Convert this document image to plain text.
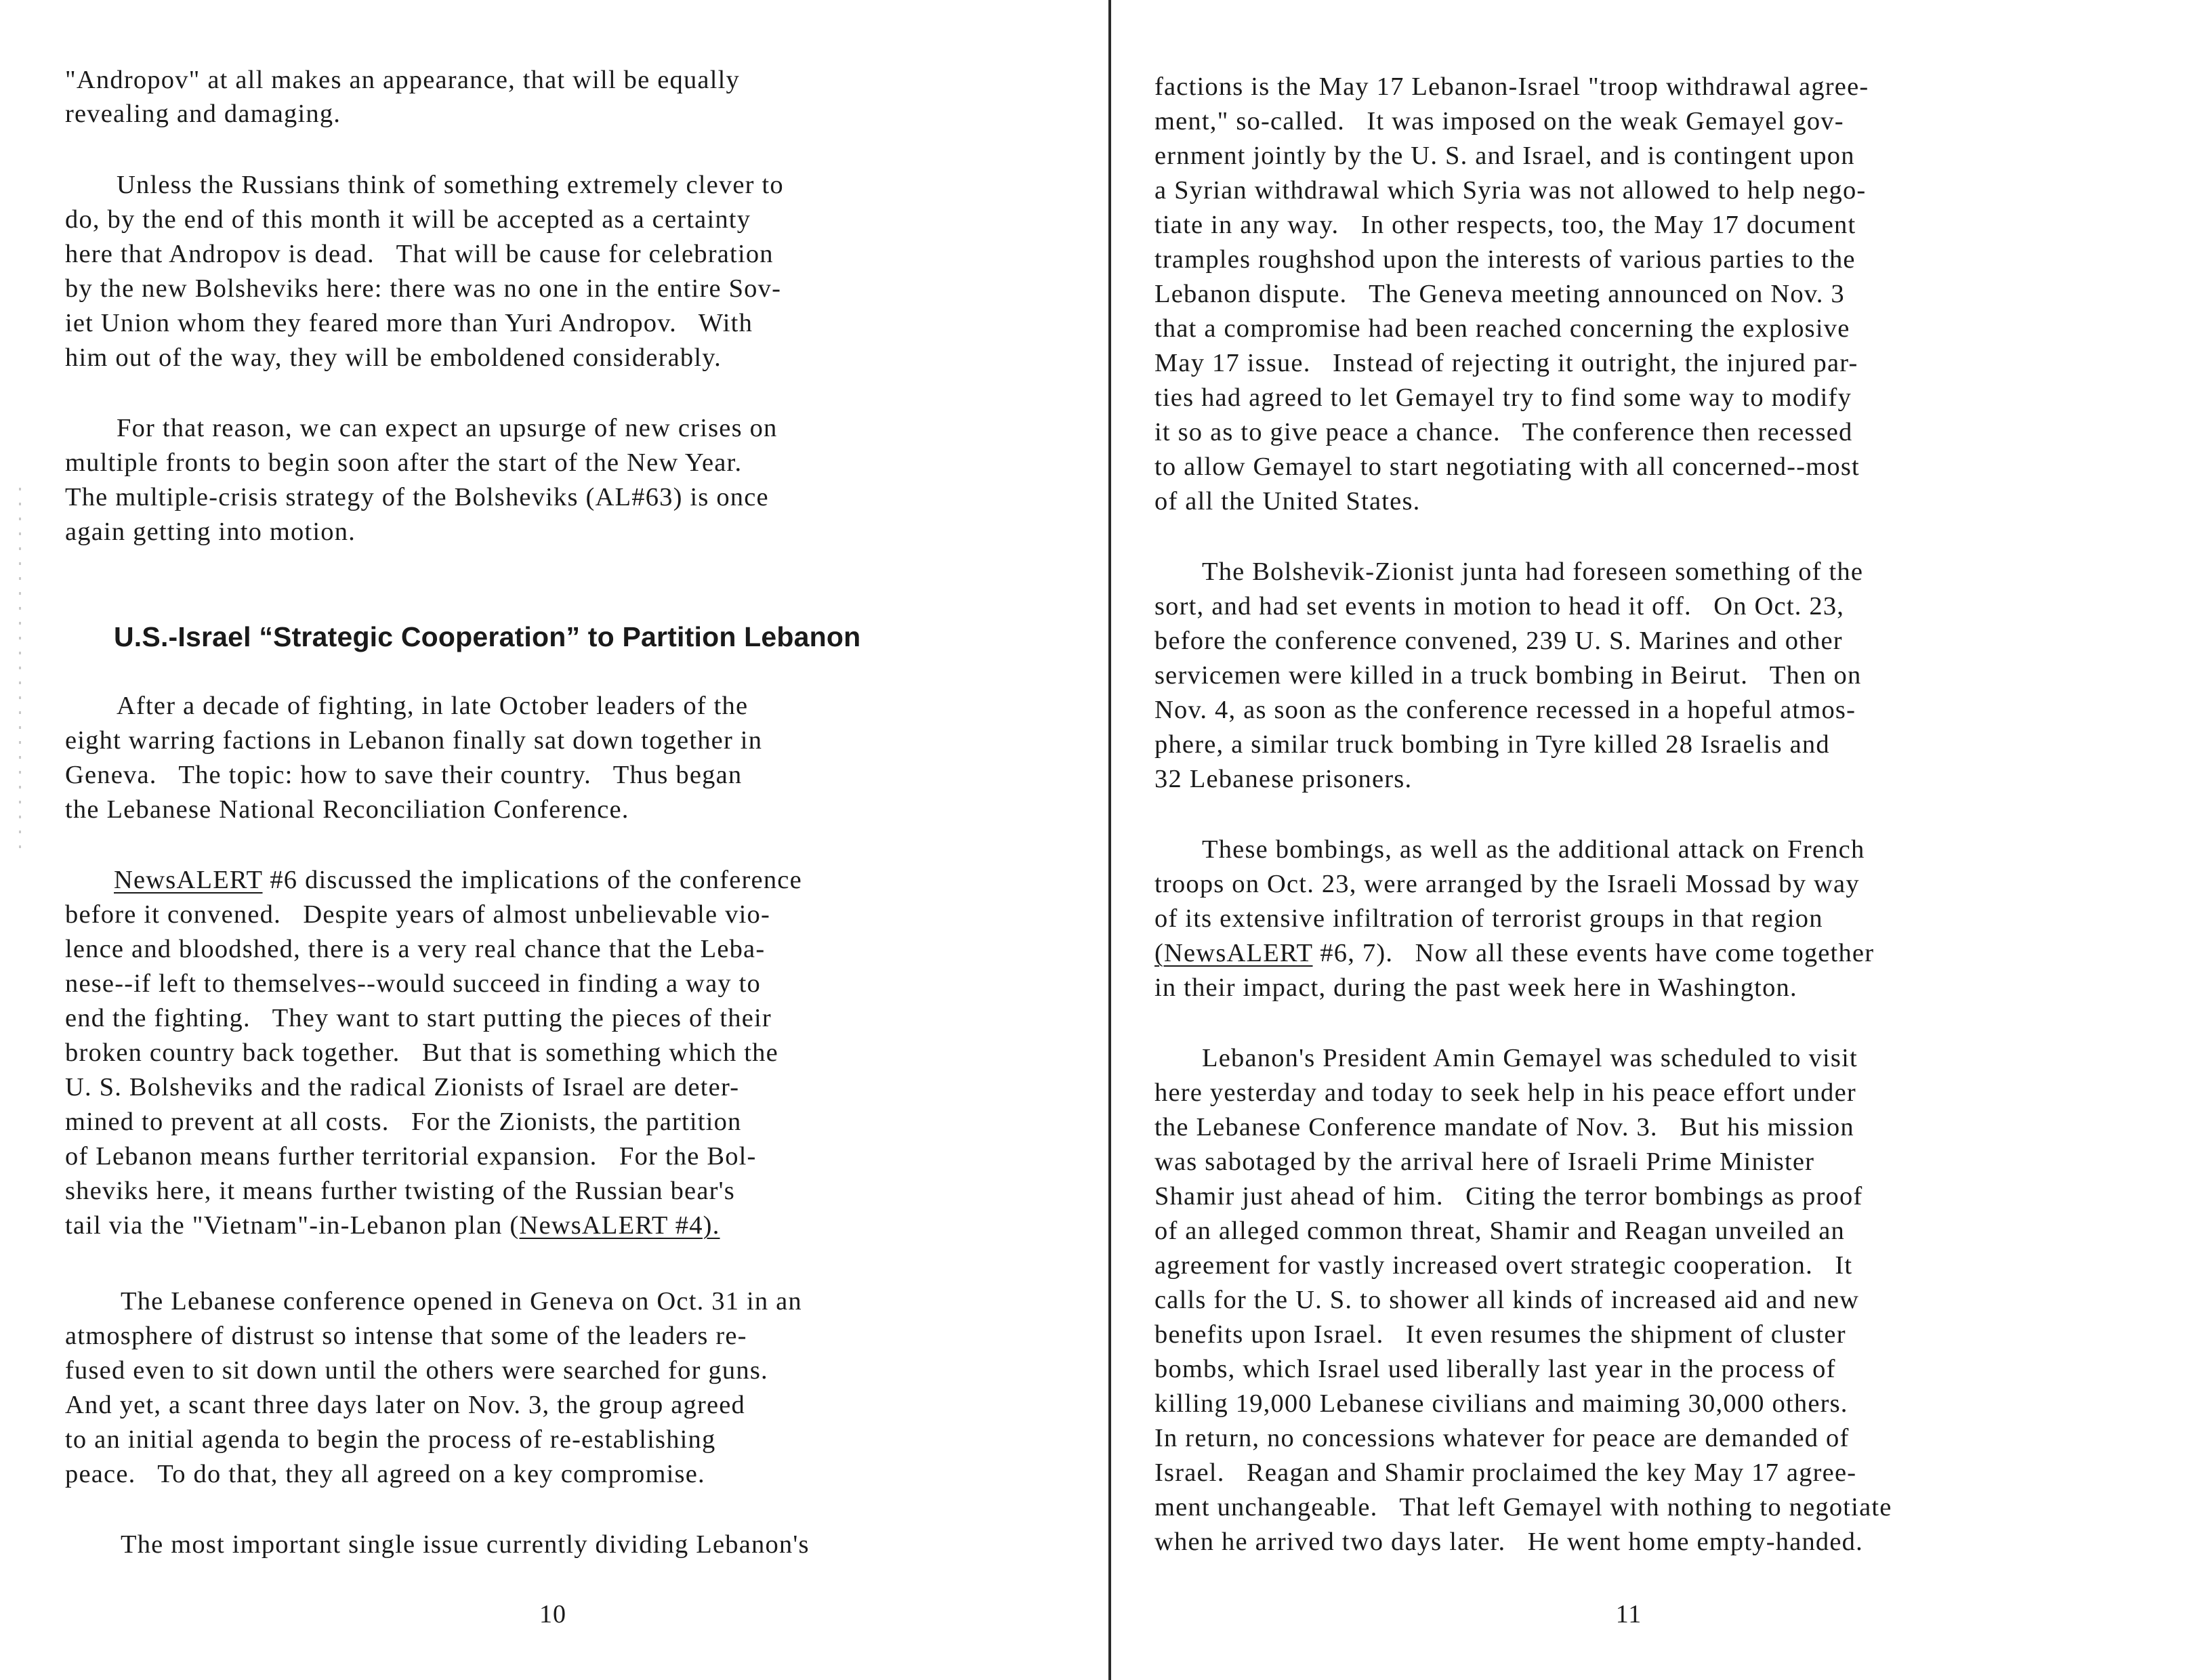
"Andropov" at all makes an appearance, that will be equally
revealing and damaging.
Unless the Russians think of something extremely clever to
do, by the end of this month it will be accepted as a certainty
here that Andropov is dead.   That will be cause for celebration
by the new Bolsheviks here: there was no one in the entire Sov-
iet Union whom they feared more than Yuri Andropov.   With
him out of the way, they will be emboldened considerably.
For that reason, we can expect an upsurge of new crises on
multiple fronts to begin soon after the start of the New Year.
The multiple-crisis strategy of the Bolsheviks (AL#63) is once
again getting into motion.
U.S.-Israel “Strategic Cooperation” to Partition Lebanon
After a decade of fighting, in late October leaders of the
eight warring factions in Lebanon finally sat down together in
Geneva.   The topic: how to save their country.   Thus began
the Lebanese National Reconciliation Conference.
NewsALERT #6 discussed the implications of the conference
before it convened.   Despite years of almost unbelievable vio-
lence and bloodshed, there is a very real chance that the Leba-
nese--if left to themselves--would succeed in finding a way to
end the fighting.   They want to start putting the pieces of their
broken country back together.   But that is something which the
U. S. Bolsheviks and the radical Zionists of Israel are deter-
mined to prevent at all costs.   For the Zionists, the partition
of Lebanon means further territorial expansion.   For the Bol-
sheviks here, it means further twisting of the Russian bear's
tail via the "Vietnam"-in-Lebanon plan (NewsALERT #4).
The Lebanese conference opened in Geneva on Oct. 31 in an
atmosphere of distrust so intense that some of the leaders re-
fused even to sit down until the others were searched for guns.
And yet, a scant three days later on Nov. 3, the group agreed
to an initial agenda to begin the process of re-establishing
peace.   To do that, they all agreed on a key compromise.
The most important single issue currently dividing Lebanon's
10
factions is the May 17 Lebanon-Israel "troop withdrawal agree-
ment," so-called.   It was imposed on the weak Gemayel gov-
ernment jointly by the U. S. and Israel, and is contingent upon
a Syrian withdrawal which Syria was not allowed to help nego-
tiate in any way.   In other respects, too, the May 17 document
tramples roughshod upon the interests of various parties to the
Lebanon dispute.   The Geneva meeting announced on Nov. 3
that a compromise had been reached concerning the explosive
May 17 issue.   Instead of rejecting it outright, the injured par-
ties had agreed to let Gemayel try to find some way to modify
it so as to give peace a chance.   The conference then recessed
to allow Gemayel to start negotiating with all concerned--most
of all the United States.
The Bolshevik-Zionist junta had foreseen something of the
sort, and had set events in motion to head it off.   On Oct. 23,
before the conference convened, 239 U. S. Marines and other
servicemen were killed in a truck bombing in Beirut.   Then on
Nov. 4, as soon as the conference recessed in a hopeful atmos-
phere, a similar truck bombing in Tyre killed 28 Israelis and
32 Lebanese prisoners.
These bombings, as well as the additional attack on French
troops on Oct. 23, were arranged by the Israeli Mossad by way
of its extensive infiltration of terrorist groups in that region
(NewsALERT #6, 7).   Now all these events have come together
in their impact, during the past week here in Washington.
Lebanon's President Amin Gemayel was scheduled to visit
here yesterday and today to seek help in his peace effort under
the Lebanese Conference mandate of Nov. 3.   But his mission
was sabotaged by the arrival here of Israeli Prime Minister
Shamir just ahead of him.   Citing the terror bombings as proof
of an alleged common threat, Shamir and Reagan unveiled an
agreement for vastly increased overt strategic cooperation.   It
calls for the U. S. to shower all kinds of increased aid and new
benefits upon Israel.   It even resumes the shipment of cluster
bombs, which Israel used liberally last year in the process of
killing 19,000 Lebanese civilians and maiming 30,000 others.
In return, no concessions whatever for peace are demanded of
Israel.   Reagan and Shamir proclaimed the key May 17 agree-
ment unchangeable.   That left Gemayel with nothing to negotiate
when he arrived two days later.   He went home empty-handed.
11
